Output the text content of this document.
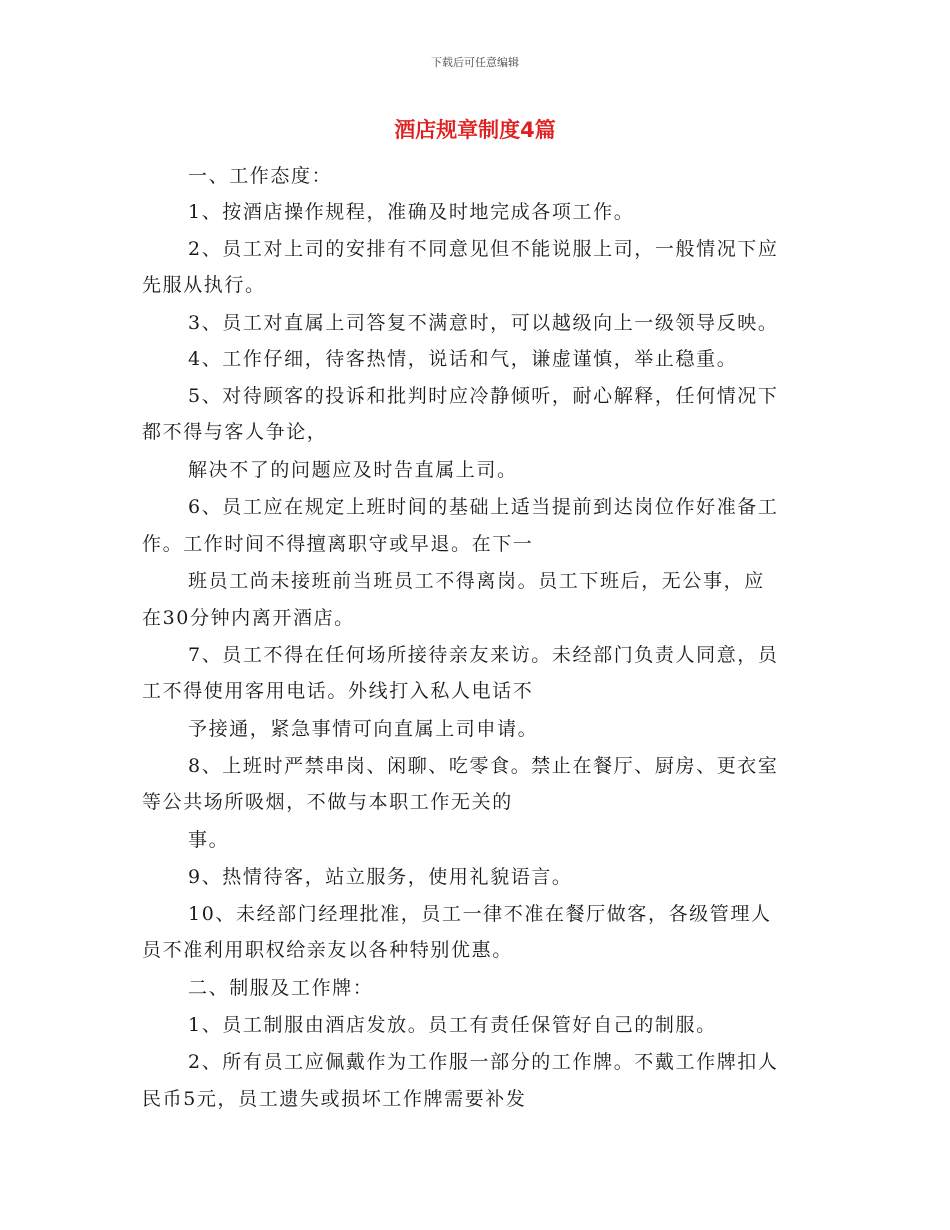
下载后可任意编辑
酒店规章制度4篇
一、工作态度：
1、按酒店操作规程，准确及时地完成各项工作。
2、员工对上司的安排有不同意见但不能说服上司，一般情况下应
先服从执行。
3、员工对直属上司答复不满意时，可以越级向上一级领导反映。
4、工作仔细，待客热情，说话和气，谦虚谨慎，举止稳重。
5、对待顾客的投诉和批判时应冷静倾听，耐心解释，任何情况下
都不得与客人争论，
解决不了的问题应及时告直属上司。
6、员工应在规定上班时间的基础上适当提前到达岗位作好准备工
作。工作时间不得擅离职守或早退。在下一
班员工尚未接班前当班员工不得离岗。员工下班后，无公事，应
在30分钟内离开酒店。
7、员工不得在任何场所接待亲友来访。未经部门负责人同意，员
工不得使用客用电话。外线打入私人电话不
予接通，紧急事情可向直属上司申请。
8、上班时严禁串岗、闲聊、吃零食。禁止在餐厅、厨房、更衣室
等公共场所吸烟，不做与本职工作无关的
事。
9、热情待客，站立服务，使用礼貌语言。
10、未经部门经理批准，员工一律不准在餐厅做客，各级管理人
员不准利用职权给亲友以各种特别优惠。
二、制服及工作牌：
1、员工制服由酒店发放。员工有责任保管好自己的制服。
2、所有员工应佩戴作为工作服一部分的工作牌。不戴工作牌扣人
民币5元，员工遗失或损坏工作牌需要补发
